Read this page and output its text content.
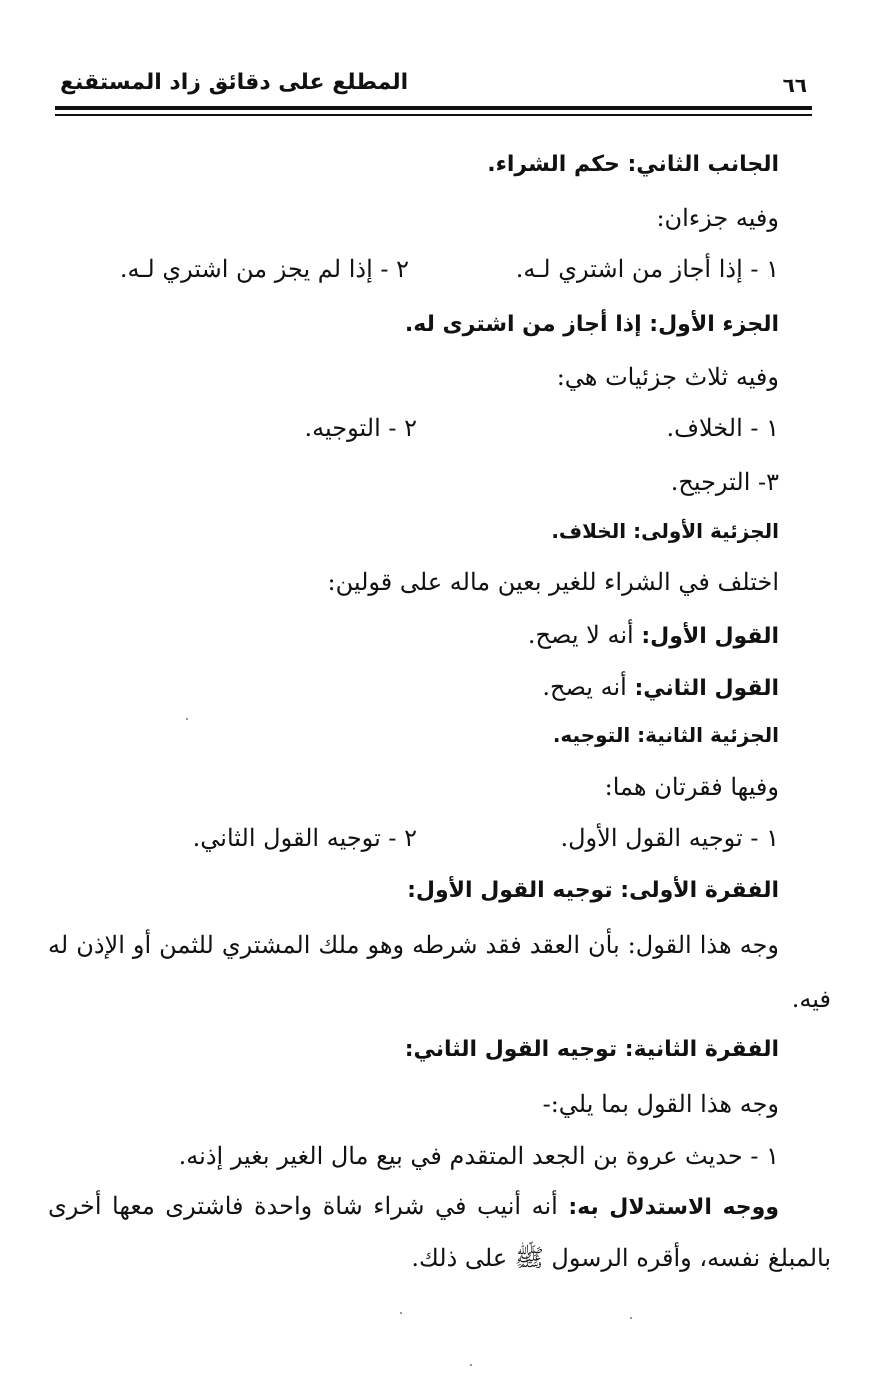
المطلع على دقائق زاد المستقنع	٦٦
الجانب الثاني: حكم الشراء.
وفيه جزءان:
١ - إذا أجاز من اشتري لـه.
٢ - إذا لم يجز من اشتري لـه.
الجزء الأول: إذا أجاز من اشترى له.
وفيه ثلاث جزئيات هي:
١ - الخلاف.
٢ - التوجيه.
٣- الترجيح.
الجزئية الأولى: الخلاف.
اختلف في الشراء للغير بعين ماله على قولين:
القول الأول: أنه لا يصح.
القول الثاني: أنه يصح.
الجزئية الثانية: التوجيه.
وفيها فقرتان هما:
١ - توجيه القول الأول.
٢ - توجيه القول الثاني.
الفقرة الأولى: توجيه القول الأول:
وجه هذا القول: بأن العقد فقد شرطه وهو ملك المشتري للثمن أو الإذن له
فيه.
الفقرة الثانية: توجيه القول الثاني:
وجه هذا القول بما يلي:-
١ - حديث عروة بن الجعد المتقدم في بيع مال الغير بغير إذنه.
ووجه الاستدلال به: أنه أنيب في شراء شاة واحدة فاشترى معها أخرى
بالمبلغ نفسه، وأقره الرسول ﷺ على ذلك.
